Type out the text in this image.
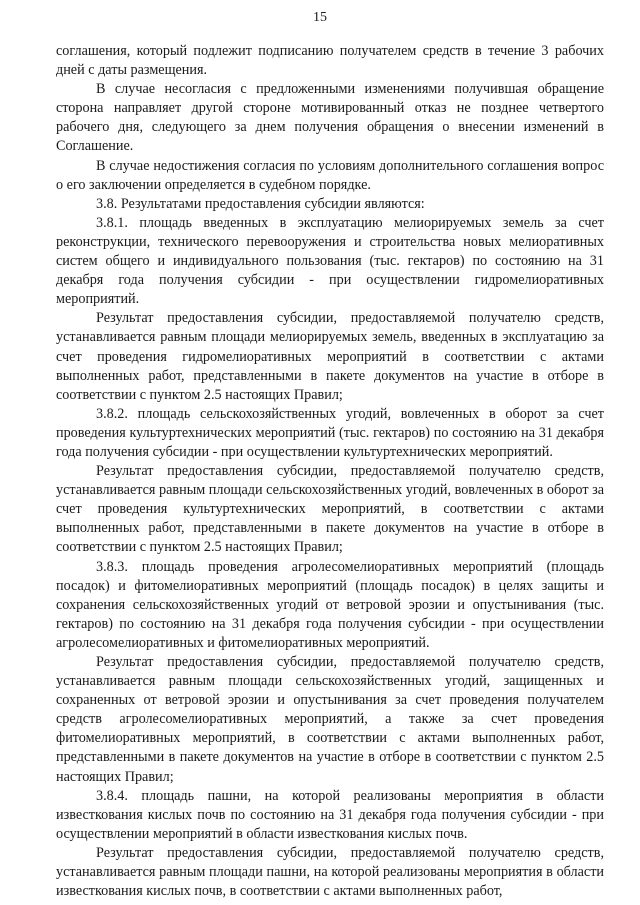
15

соглашения, который подлежит подписанию получателем средств в течение 3 рабочих дней с даты размещения.

В случае несогласия с предложенными изменениями получившая обращение сторона направляет другой стороне мотивированный отказ не позднее четвертого рабочего дня, следующего за днем получения обращения о внесении изменений в Соглашение.

В случае недостижения согласия по условиям дополнительного соглашения вопрос о его заключении определяется в судебном порядке.

3.8. Результатами предоставления субсидии являются:

3.8.1. площадь введенных в эксплуатацию мелиорируемых земель за счет реконструкции, технического перевооружения и строительства новых мелиоративных систем общего и индивидуального пользования (тыс. гектаров) по состоянию на 31 декабря года получения субсидии - при осуществлении гидромелиоративных мероприятий.

Результат предоставления субсидии, предоставляемой получателю средств, устанавливается равным площади мелиорируемых земель, введенных в эксплуатацию за счет проведения гидромелиоративных мероприятий в соответствии с актами выполненных работ, представленными в пакете документов на участие в отборе в соответствии с пунктом 2.5 настоящих Правил;

3.8.2. площадь сельскохозяйственных угодий, вовлеченных в оборот за счет проведения культуртехнических мероприятий (тыс. гектаров) по состоянию на 31 декабря года получения субсидии - при осуществлении культуртехнических мероприятий.

Результат предоставления субсидии, предоставляемой получателю средств, устанавливается равным площади сельскохозяйственных угодий, вовлеченных в оборот за счет проведения культуртехнических мероприятий, в соответствии с актами выполненных работ, представленными в пакете документов на участие в отборе в соответствии с пунктом 2.5 настоящих Правил;

3.8.3. площадь проведения агролесомелиоративных мероприятий (площадь посадок) и фитомелиоративных мероприятий (площадь посадок) в целях защиты и сохранения сельскохозяйственных угодий от ветровой эрозии и опустынивания (тыс. гектаров) по состоянию на 31 декабря года получения субсидии - при осуществлении агролесомелиоративных и фитомелиоративных мероприятий.

Результат предоставления субсидии, предоставляемой получателю средств, устанавливается равным площади сельскохозяйственных угодий, защищенных и сохраненных от ветровой эрозии и опустынивания за счет проведения получателем средств агролесомелиоративных мероприятий, а также за счет проведения фитомелиоративных мероприятий, в соответствии с актами выполненных работ, представленными в пакете документов на участие в отборе в соответствии с пунктом 2.5 настоящих Правил;

3.8.4. площадь пашни, на которой реализованы мероприятия в области известкования кислых почв по состоянию на 31 декабря года получения субсидии - при осуществлении мероприятий в области известкования кислых почв.

Результат предоставления субсидии, предоставляемой получателю средств, устанавливается равным площади пашни, на которой реализованы мероприятия в области известкования кислых почв, в соответствии с актами выполненных работ,
